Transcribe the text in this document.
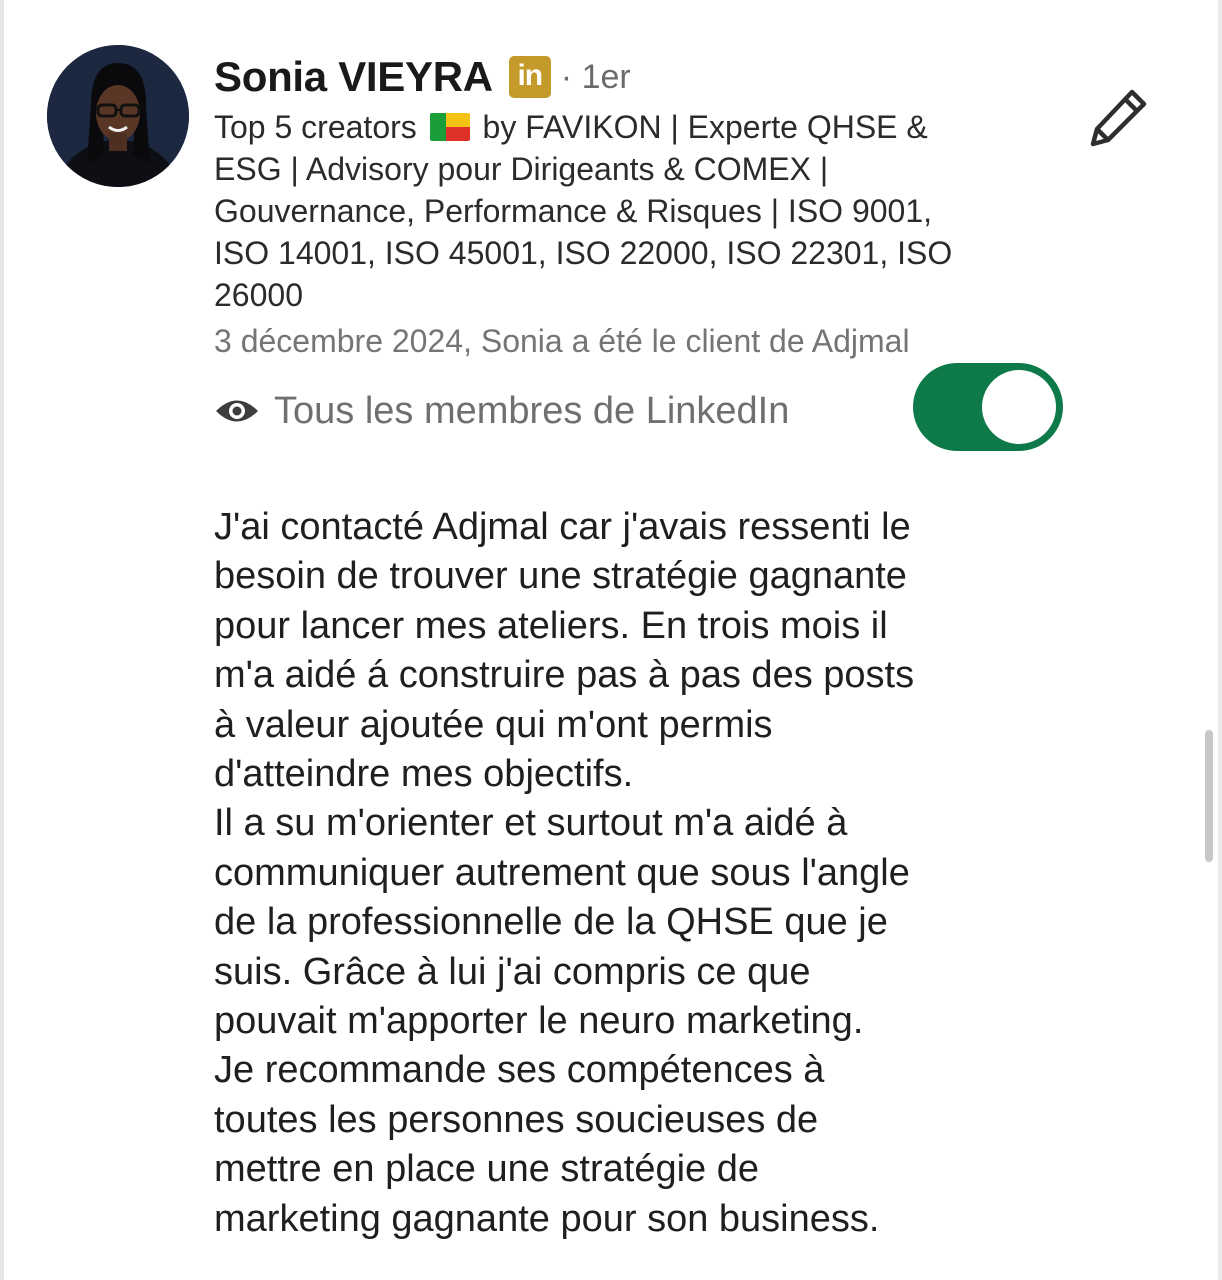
Sonia VIEYRA in · 1er
Top 5 creators by FAVIKON | Experte QHSE &
ESG | Advisory pour Dirigeants & COMEX |
Gouvernance, Performance & Risques | ISO 9001,
ISO 14001, ISO 45001, ISO 22000, ISO 22301, ISO
26000
3 décembre 2024, Sonia a été le client de Adjmal
Tous les membres de LinkedIn
J'ai contacté Adjmal car j'avais ressenti le
besoin de trouver une stratégie gagnante
pour lancer mes ateliers. En trois mois il
m'a aidé á construire pas à pas des posts
à valeur ajoutée qui m'ont permis
d'atteindre mes objectifs.
Il a su m'orienter et surtout m'a aidé à
communiquer autrement que sous l'angle
de la professionnelle de la QHSE que je
suis. Grâce à lui j'ai compris ce que
pouvait m'apporter le neuro marketing.
Je recommande ses compétences à
toutes les personnes soucieuses de
mettre en place une stratégie de
marketing gagnante pour son business.
